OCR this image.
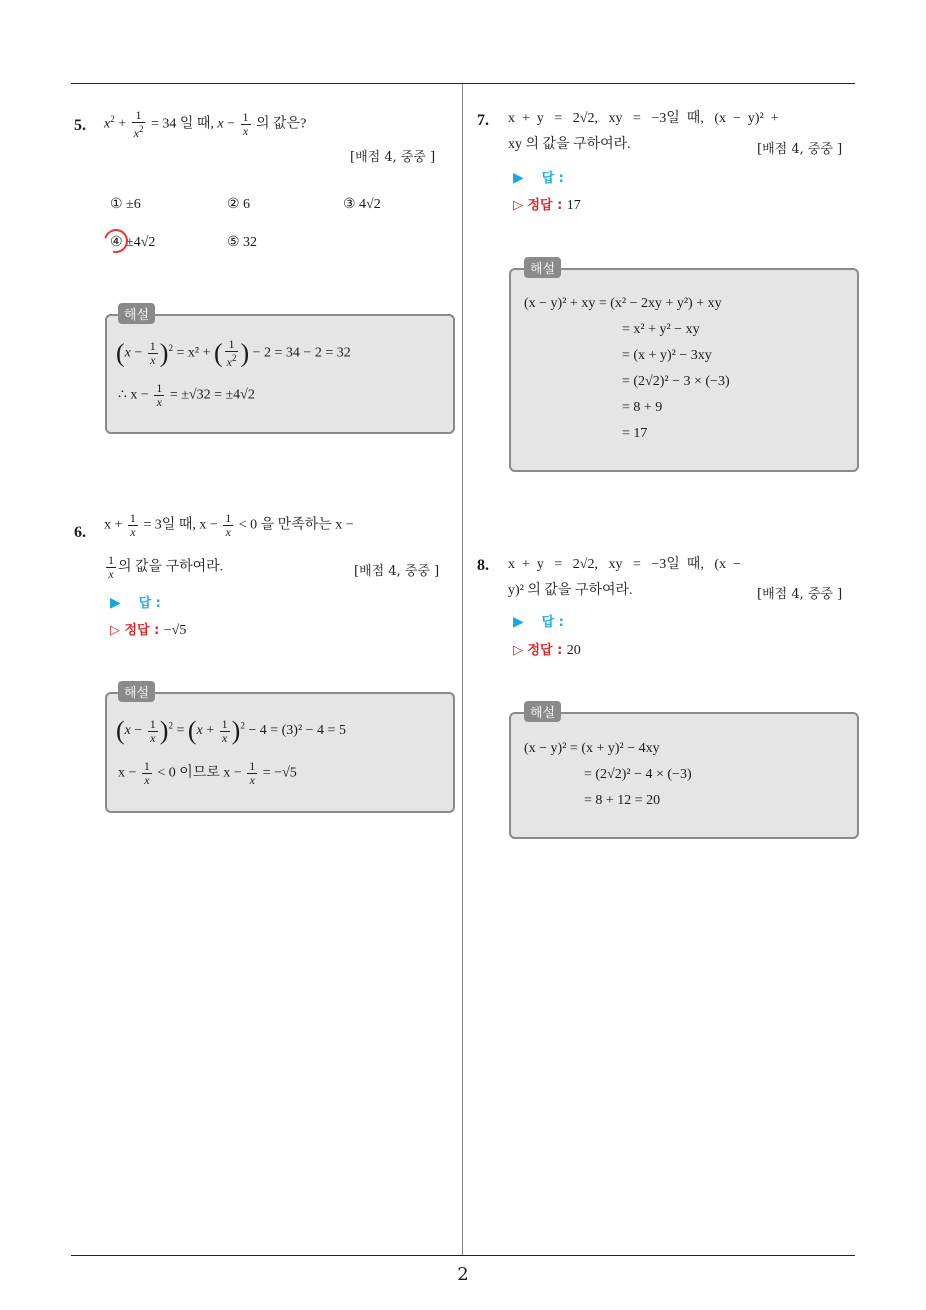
2
5. $x^2 + \frac{1}{x^2} = 34$ 일 때, $x - \frac{1}{x}$ 의 값은?
[배점 4, 중중 ]
① ±6	② 6	③ 4√2
④ ±4√2	⑤ 32
해설
$(x - \frac{1}{x} )^2 = x^2$ + ( $\frac{1}{x^2}$ ) − 2 = 34 − 2 = 32
∴ $x - \frac{1}{x} = \pm√32 = \pm 4√2$
6. $x + \frac{1}{x} = 3$일 때, $x - \frac{1}{x} < 0$ 을 만족하는 x −
$\frac{1}{x}$ 의 값을 구하여라.	[배점 4, 중중 ]
▶ 답 :
▷ 정답 : −√5
해설
$(x - \frac{1}{x} )^2 = (x + \frac{1}{x} )^2 - 4 = (3)^2 - 4 = 5$
$x - \frac{1}{x} < 0$ 이므로 $x - \frac{1}{x} = -√5$
7. x  +  y   =   2√2,   xy   =   −3일  때,   (x  −  y)²  +
xy 의 값을 구하여라.	[배점 4, 중중 ]
▶ 답 :
▷ 정답 : 17
해설
(x − y)² + xy = (x² − 2xy + y²) + xy
= x² + y² − xy
= (x + y)² − 3xy
= (2√2)² − 3 × (−3)
= 8 + 9
= 17
8. x  +  y   =   2√2,   xy   =   −3일  때,   (x  −
y)² 의 값을 구하여라.	[배점 4, 중중 ]
▶ 답 :
▷ 정답 : 20
해설
(x − y)² = (x + y)² − 4xy
= (2√2)² − 4 × (−3)
= 8 + 12 = 20
